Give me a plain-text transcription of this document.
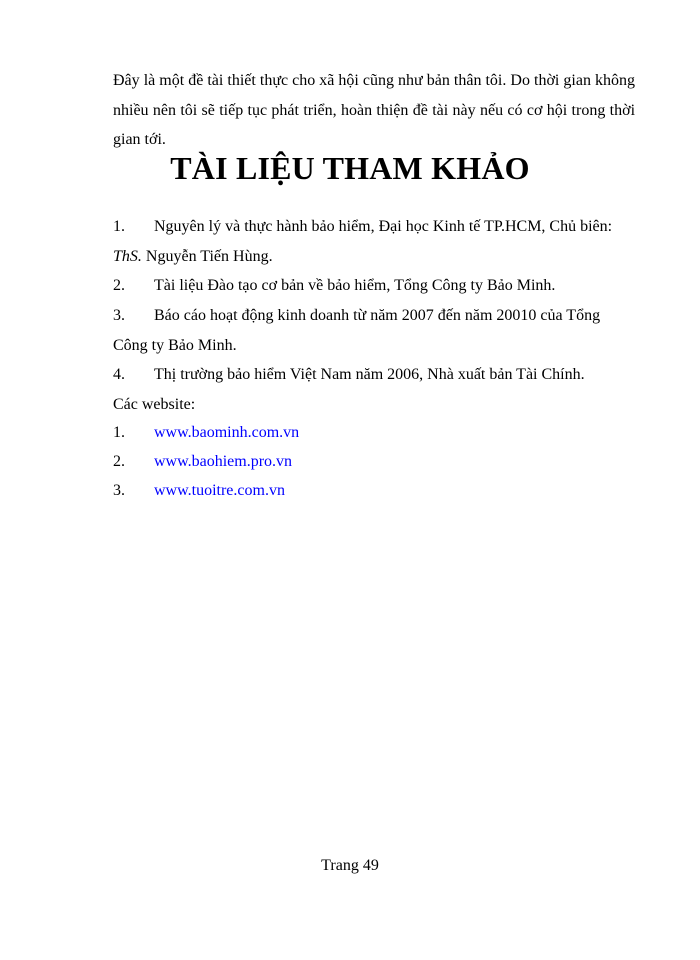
Đây là một đề tài thiết thực cho xã hội cũng như bản thân tôi. Do thời gian không nhiều nên tôi sẽ tiếp tục phát triển, hoàn thiện đề tài này nếu có cơ hội trong thời gian tới.

TÀI LIỆU THAM KHẢO
1. Nguyên lý và thực hành bảo hiểm, Đại học Kinh tế TP.HCM, Chủ biên:
ThS. Nguyễn Tiến Hùng.
2. Tài liệu Đào tạo cơ bản về bảo hiểm, Tổng Công ty Bảo Minh.
3. Báo cáo hoạt động kinh doanh từ năm 2007 đến năm 20010 của Tổng
Công ty Bảo Minh.
4. Thị trường bảo hiểm Việt Nam năm 2006, Nhà xuất bản Tài Chính.

Các website:

1. www.baominh.com.vn

2. www.baohiem.pro.vn

3. www.tuoitre.com.vn

Trang 49
